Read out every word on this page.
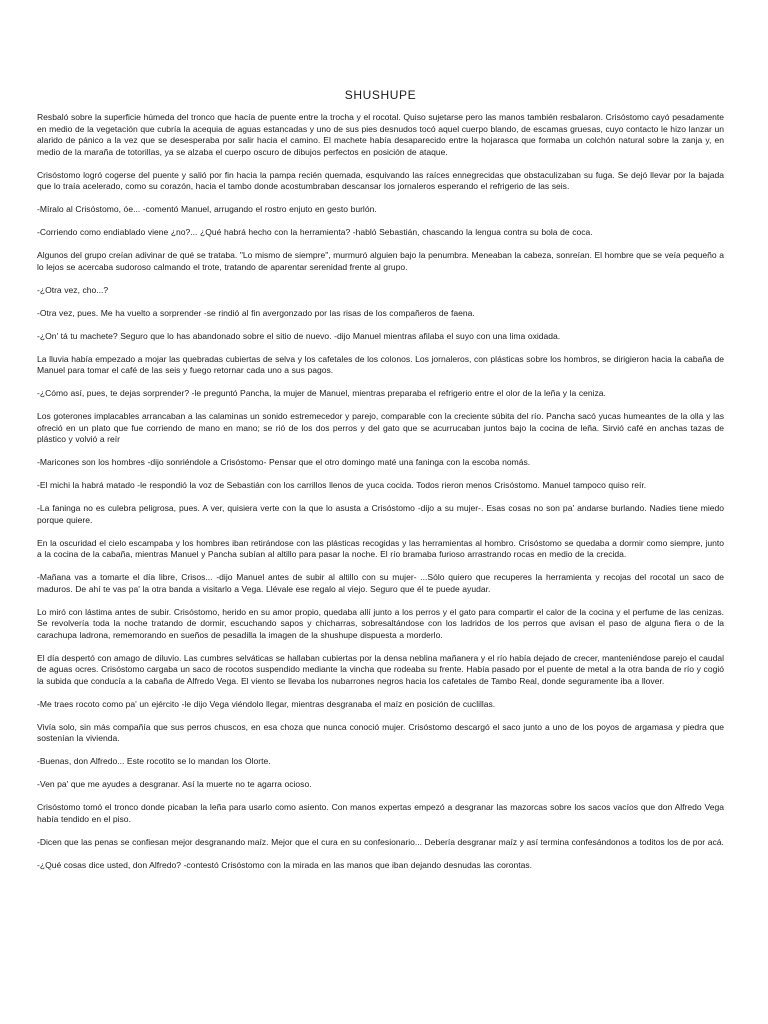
SHUSHUPE

Resbaló sobre la superficie húmeda del tronco que hacía de puente entre la trocha y el rocotal. Quiso sujetarse pero las manos también resbalaron. Crisóstomo cayó pesadamente en medio de la vegetación que cubría la acequia de aguas estancadas y uno de sus pies desnudos tocó aquel cuerpo blando, de escamas gruesas, cuyo contacto le hizo lanzar un alarido de pánico a la vez que se desesperaba por salir hacia el camino. El machete había desaparecido entre la hojarasca que formaba un colchón natural sobre la zanja y, en medio de la maraña de totorillas, ya se alzaba el cuerpo oscuro de dibujos perfectos en posición de ataque.

Crisóstomo logró cogerse del puente y salió por fin hacia la pampa recién quemada, esquivando las raíces ennegrecidas que obstaculizaban su fuga. Se dejó llevar por la bajada que lo traía acelerado, como su corazón, hacia el tambo donde acostumbraban descansar los jornaleros esperando el refrigerio de las seis.

-Míralo al Crisóstomo, óe... -comentó Manuel, arrugando el rostro enjuto en gesto burlón.

-Corriendo como endiablado viene ¿no?... ¿Qué habrá hecho con la herramienta? -habló Sebastián, chascando la lengua contra su bola de coca.

Algunos del grupo creían adivinar de qué se trataba. "Lo mismo de siempre", murmuró alguien bajo la penumbra. Meneaban la cabeza, sonreían. El hombre que se veía pequeño a lo lejos se acercaba sudoroso calmando el trote, tratando de aparentar serenidad frente al grupo.

-¿Otra vez, cho...?

-Otra vez, pues. Me ha vuelto a sorprender -se rindió al fin avergonzado por las risas de los compañeros de faena.

-¿On' tá tu machete? Seguro que lo has abandonado sobre el sitio de nuevo. -dijo Manuel mientras afilaba el suyo con una lima oxidada.

La lluvia había empezado a mojar las quebradas cubiertas de selva y los cafetales de los colonos. Los jornaleros, con plásticas sobre los hombros, se dirigieron hacia la cabaña de Manuel para tomar el café de las seis y fuego retornar cada uno a sus pagos.

-¿Cómo así, pues, te dejas sorprender? -le preguntó Pancha, la mujer de Manuel, mientras preparaba el refrigerio entre el olor de la leña y la ceniza.

Los goterones implacables arrancaban a las calaminas un sonido estremecedor y parejo, comparable con la creciente súbita del río. Pancha sacó yucas humeantes de la olla y las ofreció en un plato que fue corriendo de mano en mano; se rió de los dos perros y del gato que se acurrucaban juntos bajo la cocina de leña. Sirvió café en anchas tazas de plástico y volvió a reír

-Maricones son los hombres -dijo sonriéndole a Crisóstomo- Pensar que el otro domingo maté una faninga con la escoba nomás.

-El michi la habrá matado -le respondió la voz de Sebastián con los carrillos llenos de yuca cocida. Todos rieron menos Crisóstomo. Manuel tampoco quiso reír.

-La faninga no es culebra peligrosa, pues. A ver, quisiera verte con la que lo asusta a Crisóstomo -dijo a su mujer-. Esas cosas no son pa' andarse burlando. Nadies tiene miedo porque quiere.

En la oscuridad el cielo escampaba y los hombres iban retirándose con las plásticas recogidas y las herramientas al hombro. Crisóstomo se quedaba a dormir como siempre, junto a la cocina de la cabaña, mientras Manuel y Pancha subían al altillo para pasar la noche. El río bramaba furioso arrastrando rocas en medio de la crecida.

-Mañana vas a tomarte el día libre, Crisos... -dijo Manuel antes de subir al altillo con su mujer- ...Sólo quiero que recuperes la herramienta y recojas del rocotal un saco de maduros. De ahí te vas pa' la otra banda a visitarlo a Vega. Llévale ese regalo al viejo. Seguro que él te puede ayudar.

Lo miró con lástima antes de subir. Crisóstomo, herido en su amor propio, quedaba allí junto a los perros y el gato para compartir el calor de la cocina y el perfume de las cenizas. Se revolvería toda la noche tratando de dormir, escuchando sapos y chicharras, sobresaltándose con los ladridos de los perros que avisan el paso de alguna fiera o de la carachupa ladrona, rememorando en sueños de pesadilla la imagen de la shushupe dispuesta a morderlo.

El día despertó con amago de diluvio. Las cumbres selváticas se hallaban cubiertas por la densa neblina mañanera y el río había dejado de crecer, manteniéndose parejo el caudal de aguas ocres. Crisóstomo cargaba un saco de rocotos suspendido mediante la vincha que rodeaba su frente. Había pasado por el puente de metal a la otra banda de río y cogió la subida que conducía a la cabaña de Alfredo Vega. El viento se llevaba los nubarrones negros hacia los cafetales de Tambo Real, donde seguramente iba a llover.

-Me traes rocoto como pa' un ejército -le dijo Vega viéndolo llegar, mientras desgranaba el maíz en posición de cuclillas.

Vivía solo, sin más compañía que sus perros chuscos, en esa choza que nunca conoció mujer. Crisóstomo descargó el saco junto a uno de los poyos de argamasa y piedra que sostenían la vivienda.

-Buenas, don Alfredo... Este rocotito se lo mandan los Olorte.

-Ven pa' que me ayudes a desgranar. Así la muerte no te agarra ocioso.

Crisóstomo tomó el tronco donde picaban la leña para usarlo como asiento. Con manos expertas empezó a desgranar las mazorcas sobre los sacos vacíos que don Alfredo Vega había tendido en el piso.

-Dicen que las penas se confiesan mejor desgranando maíz. Mejor que el cura en su confesionario... Debería desgranar maíz y así termina confesándonos a toditos los de por acá.

-¿Qué cosas dice usted, don Alfredo? -contestó Crisóstomo con la mirada en las manos que iban dejando desnudas las corontas.
